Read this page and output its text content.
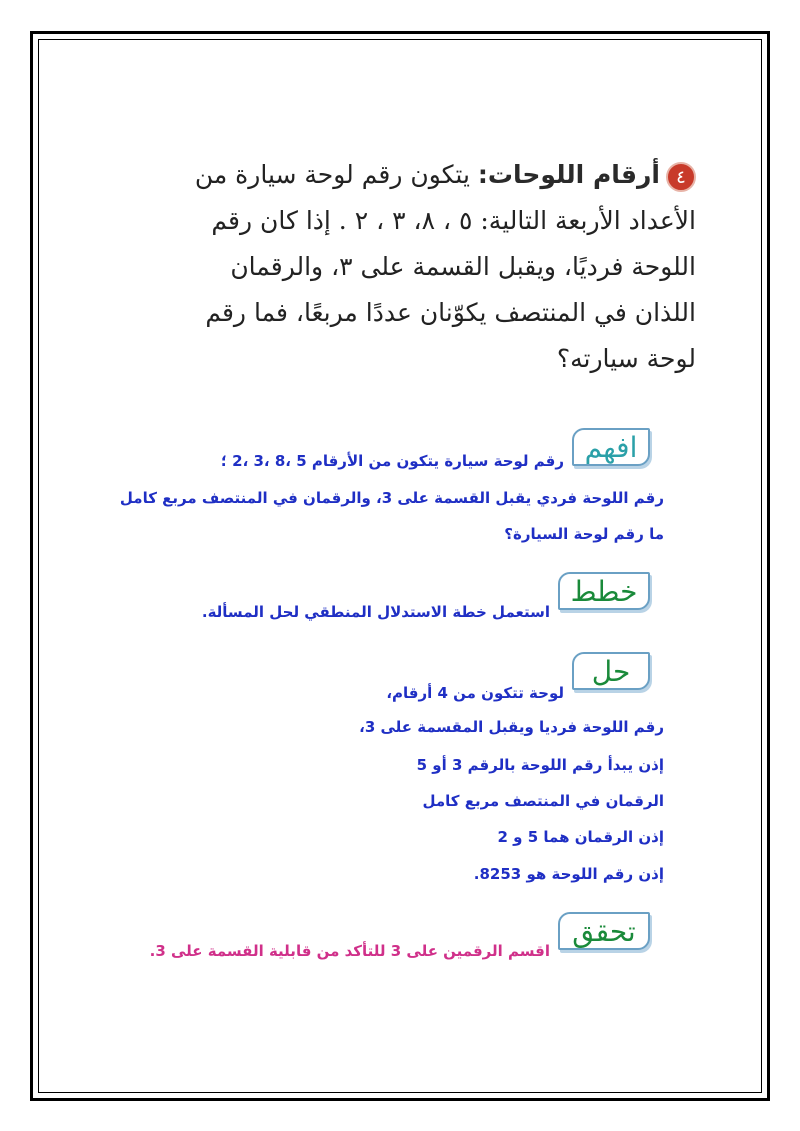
٤أرقام اللوحات: يتكون رقم لوحة سيارة من
الأعداد الأربعة التالية: ٥ ، ٨، ٣ ، ٢ . إذا كان رقم
اللوحة فرديًا، ويقبل القسمة على ٣، والرقمان
اللذان في المنتصف يكوّنان عددًا مربعًا، فما رقم
لوحة سيارته؟
افهم
رقم لوحة سيارة يتكون من الأرقام 5 ،8 ،3 ،2 ؛
رقم اللوحة فردي يقبل القسمة على 3، والرقمان في المنتصف مربع كامل
ما رقم لوحة السيارة؟
خطط
استعمل خطة الاستدلال المنطقي لحل المسألة.
حل
لوحة تتكون من 4 أرقام،
رقم اللوحة فرديا ويقبل المقسمة على 3،
إذن يبدأ رقم اللوحة بالرقم 3 أو 5
الرقمان في المنتصف مربع كامل
إذن الرقمان هما 5 و 2
إذن رقم اللوحة هو 8253.
تحقق
اقسم الرقمين على 3 للتأكد من قابلية القسمة على 3.
